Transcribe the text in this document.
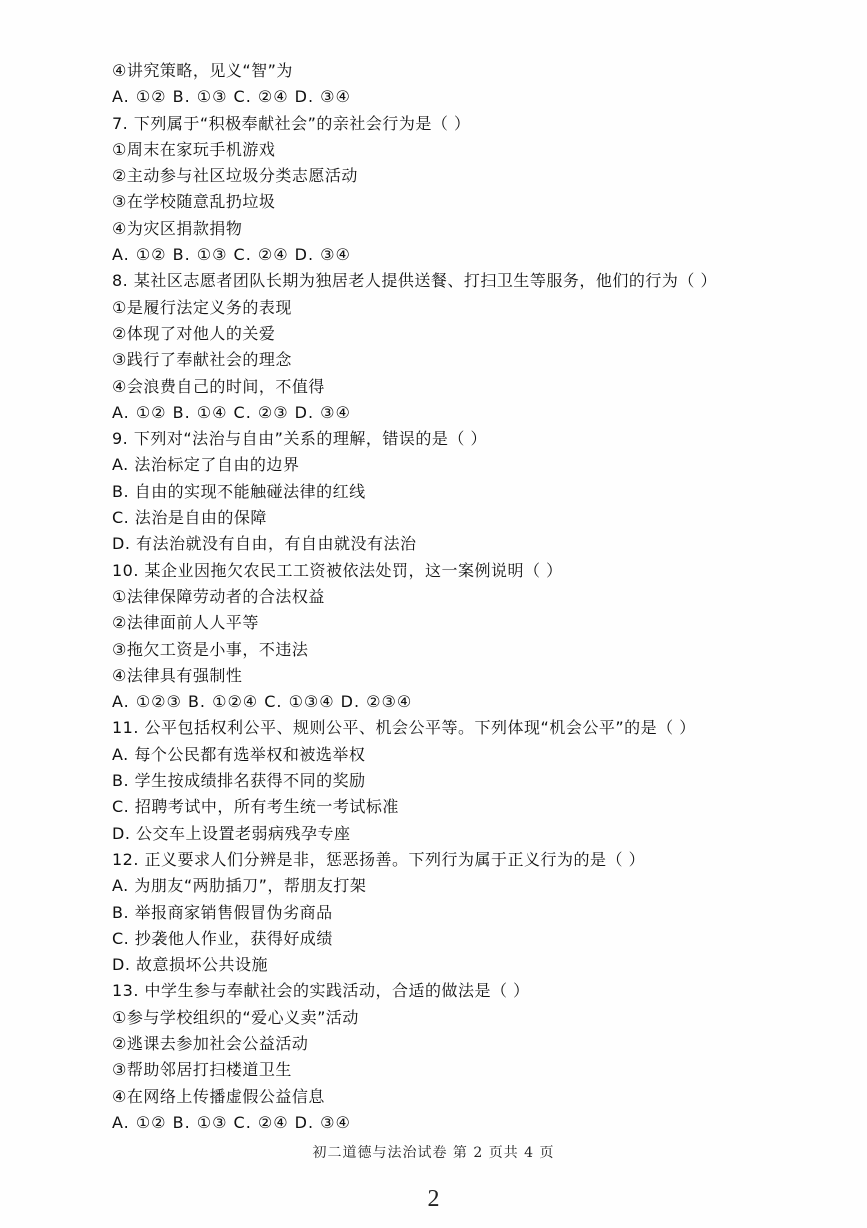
④讲究策略，见义“智”为
A. ①② B. ①③ C. ②④ D. ③④
7. 下列属于“积极奉献社会”的亲社会行为是（ ）
①周末在家玩手机游戏
②主动参与社区垃圾分类志愿活动
③在学校随意乱扔垃圾
④为灾区捐款捐物
A. ①② B. ①③ C. ②④ D. ③④
8. 某社区志愿者团队长期为独居老人提供送餐、打扫卫生等服务，他们的行为（ ）
①是履行法定义务的表现
②体现了对他人的关爱
③践行了奉献社会的理念
④会浪费自己的时间，不值得
A. ①② B. ①④ C. ②③ D. ③④
9. 下列对“法治与自由”关系的理解，错误的是（ ）
A. 法治标定了自由的边界
B. 自由的实现不能触碰法律的红线
C. 法治是自由的保障
D. 有法治就没有自由，有自由就没有法治
10. 某企业因拖欠农民工工资被依法处罚，这一案例说明（ ）
①法律保障劳动者的合法权益
②法律面前人人平等
③拖欠工资是小事，不违法
④法律具有强制性
A. ①②③ B. ①②④ C. ①③④ D. ②③④
11. 公平包括权利公平、规则公平、机会公平等。下列体现“机会公平”的是（ ）
A. 每个公民都有选举权和被选举权
B. 学生按成绩排名获得不同的奖励
C. 招聘考试中，所有考生统一考试标准
D. 公交车上设置老弱病残孕专座
12. 正义要求人们分辨是非，惩恶扬善。下列行为属于正义行为的是（ ）
A. 为朋友“两肋插刀”，帮朋友打架
B. 举报商家销售假冒伪劣商品
C. 抄袭他人作业，获得好成绩
D. 故意损坏公共设施
13. 中学生参与奉献社会的实践活动，合适的做法是（ ）
①参与学校组织的“爱心义卖”活动
②逃课去参加社会公益活动
③帮助邻居打扫楼道卫生
④在网络上传播虚假公益信息
A. ①② B. ①③ C. ②④ D. ③④
初二道德与法治试卷 第 2 页共 4 页
2
